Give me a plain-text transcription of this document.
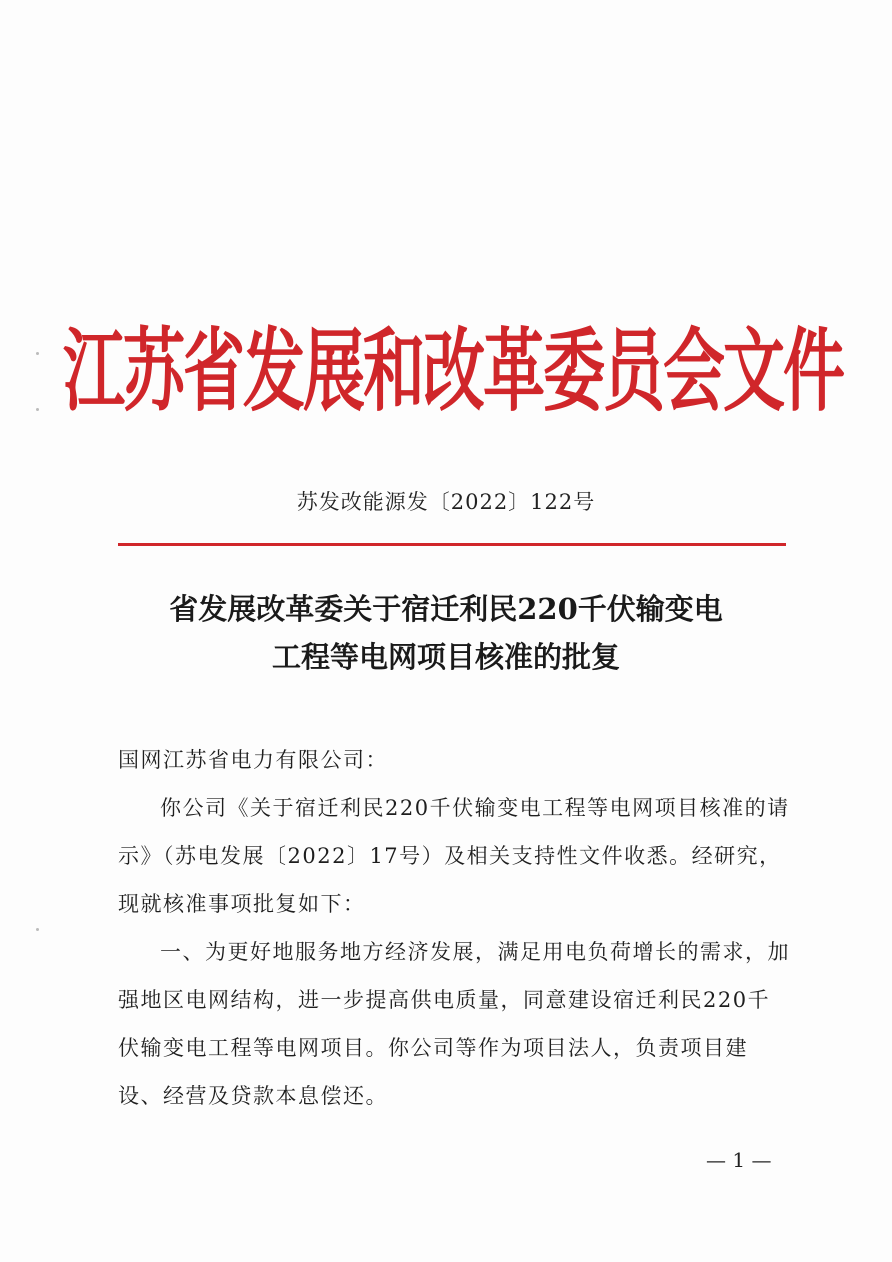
江苏省发展和改革委员会文件
苏发改能源发〔2022〕122号
省发展改革委关于宿迁利民220千伏输变电
工程等电网项目核准的批复

国网江苏省电力有限公司：

你公司《关于宿迁利民220千伏输变电工程等电网项目核准的请示》（苏电发展〔2022〕17号）及相关支持性文件收悉。经研究，现就核准事项批复如下：

一、为更好地服务地方经济发展，满足用电负荷增长的需求，加强地区电网结构，进一步提高供电质量，同意建设宿迁利民220千伏输变电工程等电网项目。你公司等作为项目法人，负责项目建设、经营及贷款本息偿还。

— 1 —
